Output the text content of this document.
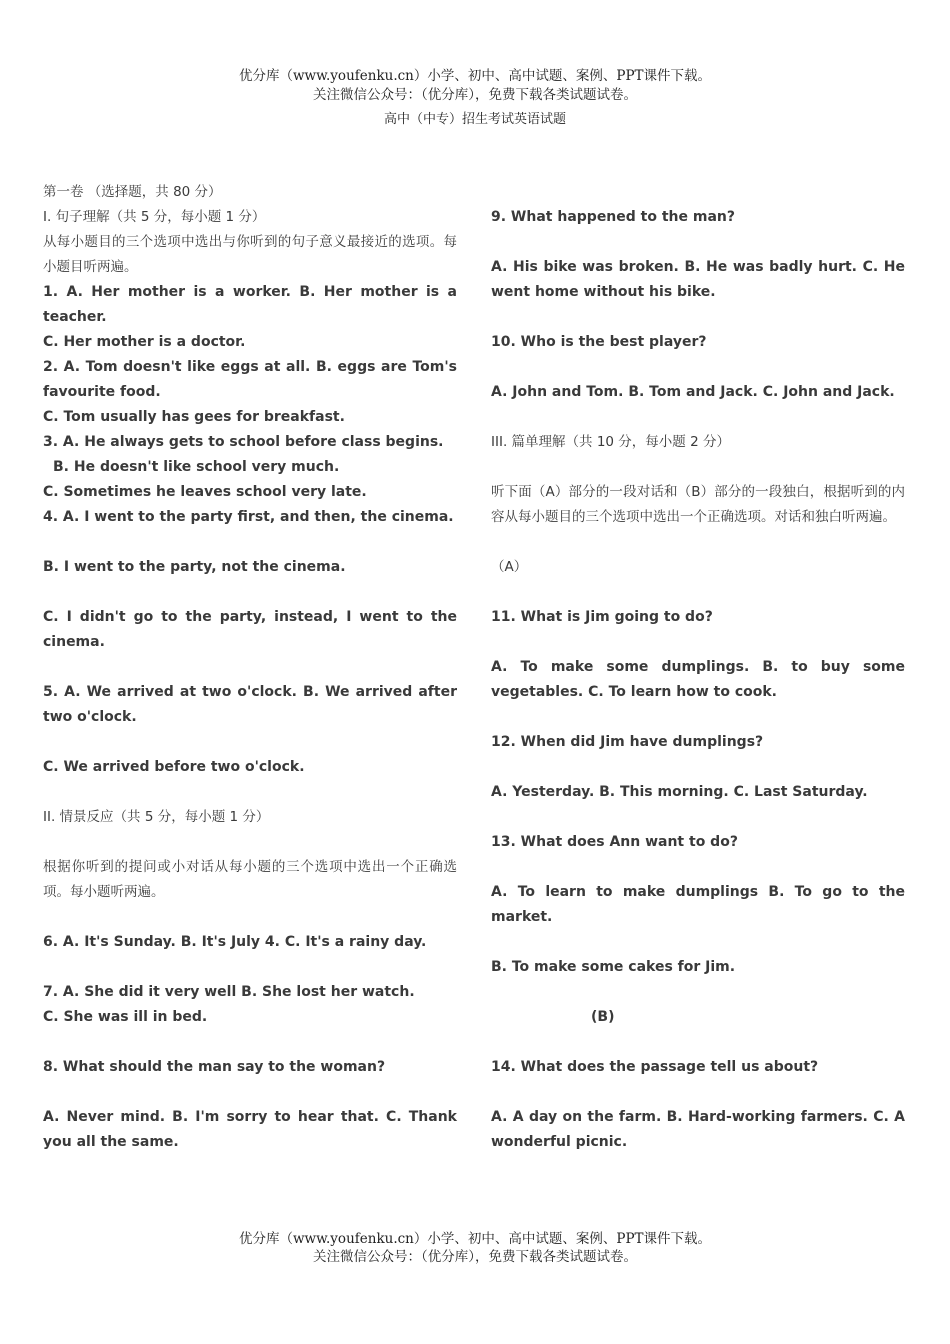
优分库（www.youfenku.cn）小学、初中、高中试题、案例、PPT课件下载。
关注微信公众号：（优分库），免费下载各类试题试卷。
高中（中专）招生考试英语试题

第一卷 （选择题，共 80 分）

I. 句子理解（共 5 分，每小题 1 分）

从每小题目的三个选项中选出与你听到的句子意义最接近的选项。每小题目听两遍。

1. A. Her mother is a worker. B. Her mother is a teacher.

C. Her mother is a doctor.

2. A. Tom doesn't like eggs at all. B. eggs are Tom's favourite food.

C. Tom usually has gees for breakfast.

3. A. He always gets to school before class begins.

B. He doesn't like school very much.

C. Sometimes he leaves school very late.

4. A. I went to the party first, and then, the cinema.

B. I went to the party, not the cinema.

C. I didn't go to the party, instead, I went to the cinema.

5. A. We arrived at two o'clock. B. We arrived after two o'clock.

C. We arrived before two o'clock.

II. 情景反应（共 5 分，每小题 1 分）

根据你听到的提问或小对话从每小题的三个选项中选出一个正确选项。每小题听两遍。

6. A. It's Sunday. B. It's July 4. C. It's a rainy day.

7. A. She did it very well B. She lost her watch.

C. She was ill in bed.

8. What should the man say to the woman?

A. Never mind. B. I'm sorry to hear that. C. Thank you all the same.

9. What happened to the man?

A. His bike was broken. B. He was badly hurt. C. He went home without his bike.

10. Who is the best player?

A. John and Tom. B. Tom and Jack. C. John and Jack.

III. 篇单理解（共 10 分，每小题 2 分）

听下面（A）部分的一段对话和（B）部分的一段独白，根据听到的内容从每小题目的三个选项中选出一个正确选项。对话和独白听两遍。

（A）

11. What is Jim going to do?

A. To make some dumplings. B. to buy some vegetables. C. To learn how to cook.

12. When did Jim have dumplings?

A. Yesterday. B. This morning. C. Last Saturday.

13. What does Ann want to do?

A. To learn to make dumplings B. To go to the market.

B. To make some cakes for Jim.

(B)

14. What does the passage tell us about?

A. A day on the farm. B. Hard-working farmers. C. A wonderful picnic.

优分库（www.youfenku.cn）小学、初中、高中试题、案例、PPT课件下载。
关注微信公众号：（优分库），免费下载各类试题试卷。
